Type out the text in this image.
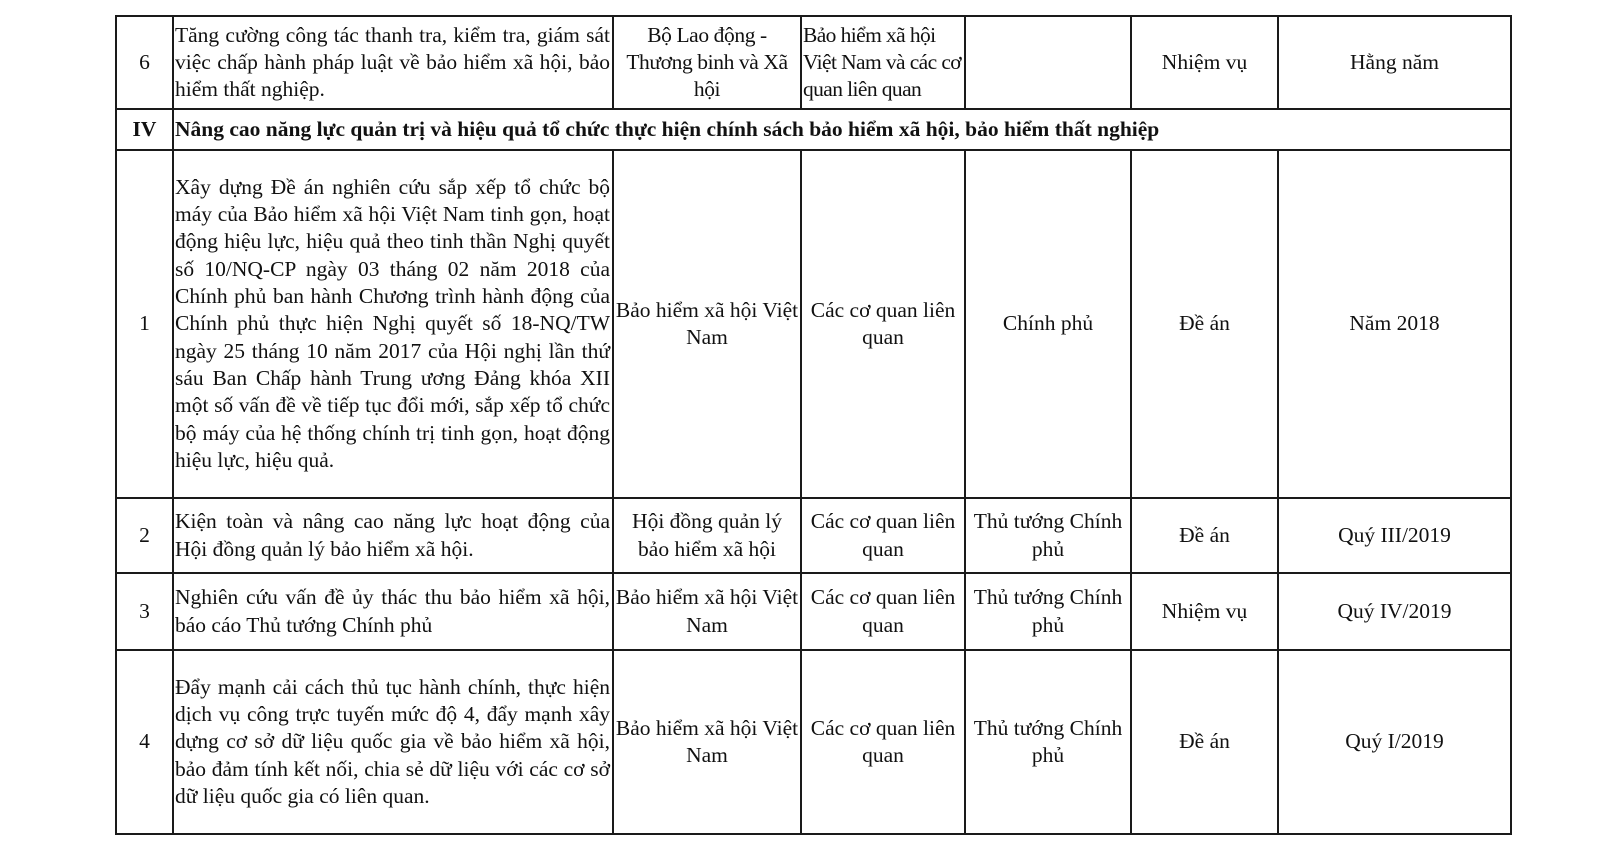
6	Tăng cường công tác thanh tra, kiểm tra, giám sát việc chấp hành pháp luật về bảo hiểm xã hội, bảo hiểm thất nghiệp.	Bộ Lao động - Thương binh và Xã hội	Bảo hiểm xã hội Việt Nam và các cơ quan liên quan		Nhiệm vụ	Hằng năm
IV	Nâng cao năng lực quản trị và hiệu quả tổ chức thực hiện chính sách bảo hiểm xã hội, bảo hiểm thất nghiệp					
1	Xây dựng Đề án nghiên cứu sắp xếp tổ chức bộ máy của Bảo hiểm xã hội Việt Nam tinh gọn, hoạt động hiệu lực, hiệu quả theo tinh thần Nghị quyết số 10/NQ-CP ngày 03 tháng 02 năm 2018 của Chính phủ ban hành Chương trình hành động của Chính phủ thực hiện Nghị quyết số 18-NQ/TW ngày 25 tháng 10 năm 2017 của Hội nghị lần thứ sáu Ban Chấp hành Trung ương Đảng khóa XII một số vấn đề về tiếp tục đổi mới, sắp xếp tổ chức bộ máy của hệ thống chính trị tinh gọn, hoạt động hiệu lực, hiệu quả.	Bảo hiểm xã hội Việt Nam	Các cơ quan liên quan	Chính phủ	Đề án	Năm 2018
2	Kiện toàn và nâng cao năng lực hoạt động của Hội đồng quản lý bảo hiểm xã hội.	Hội đồng quản lý bảo hiểm xã hội	Các cơ quan liên quan	Thủ tướng Chính phủ	Đề án	Quý III/2019
3	Nghiên cứu vấn đề ủy thác thu bảo hiểm xã hội, báo cáo Thủ tướng Chính phủ	Bảo hiểm xã hội Việt Nam	Các cơ quan liên quan	Thủ tướng Chính phủ	Nhiệm vụ	Quý IV/2019
4	Đẩy mạnh cải cách thủ tục hành chính, thực hiện dịch vụ công trực tuyến mức độ 4, đẩy mạnh xây dựng cơ sở dữ liệu quốc gia về bảo hiểm xã hội, bảo đảm tính kết nối, chia sẻ dữ liệu với các cơ sở dữ liệu quốc gia có liên quan.	Bảo hiểm xã hội Việt Nam	Các cơ quan liên quan	Thủ tướng Chính phủ	Đề án	Quý I/2019
